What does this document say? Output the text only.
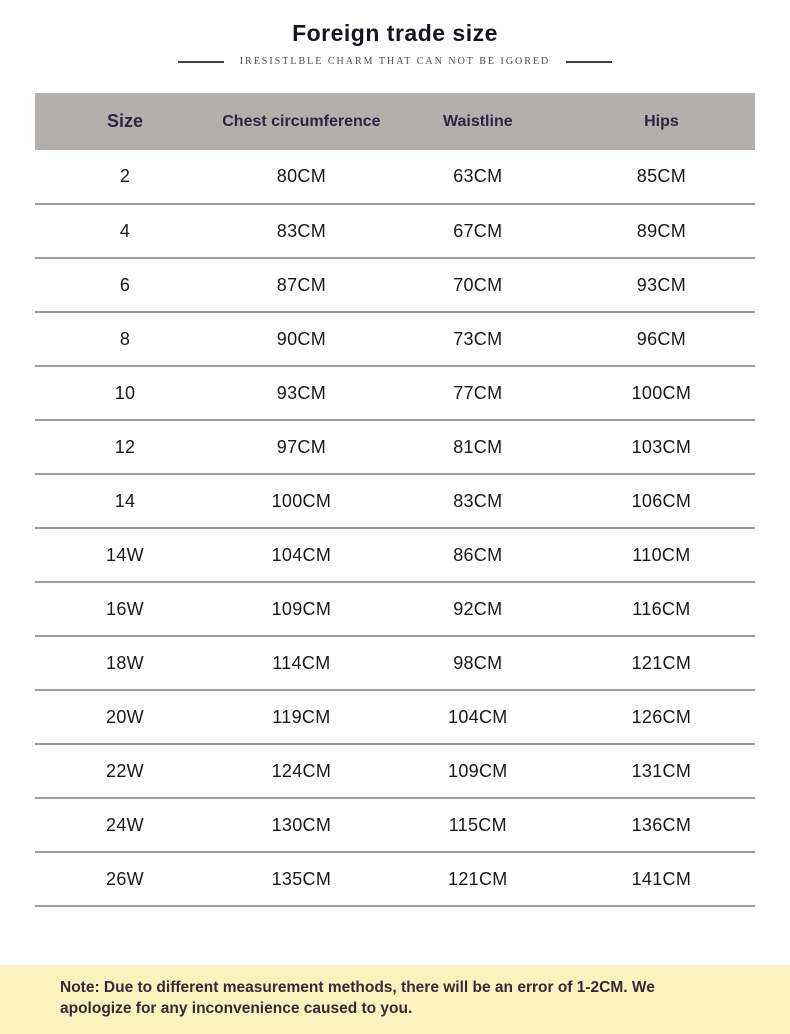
Foreign trade size
IRESISTLBLE CHARM THAT CAN NOT BE IGORED
Size	Chest circumference	Waistline	Hips
2	80CM	63CM	85CM
4	83CM	67CM	89CM
6	87CM	70CM	93CM
8	90CM	73CM	96CM
10	93CM	77CM	100CM
12	97CM	81CM	103CM
14	100CM	83CM	106CM
14W	104CM	86CM	110CM
16W	109CM	92CM	116CM
18W	114CM	98CM	121CM
20W	119CM	104CM	126CM
22W	124CM	109CM	131CM
24W	130CM	115CM	136CM
26W	135CM	121CM	141CM
Note: Due to different measurement methods, there will be an error of 1-2CM. We apologize for any inconvenience caused to you.
